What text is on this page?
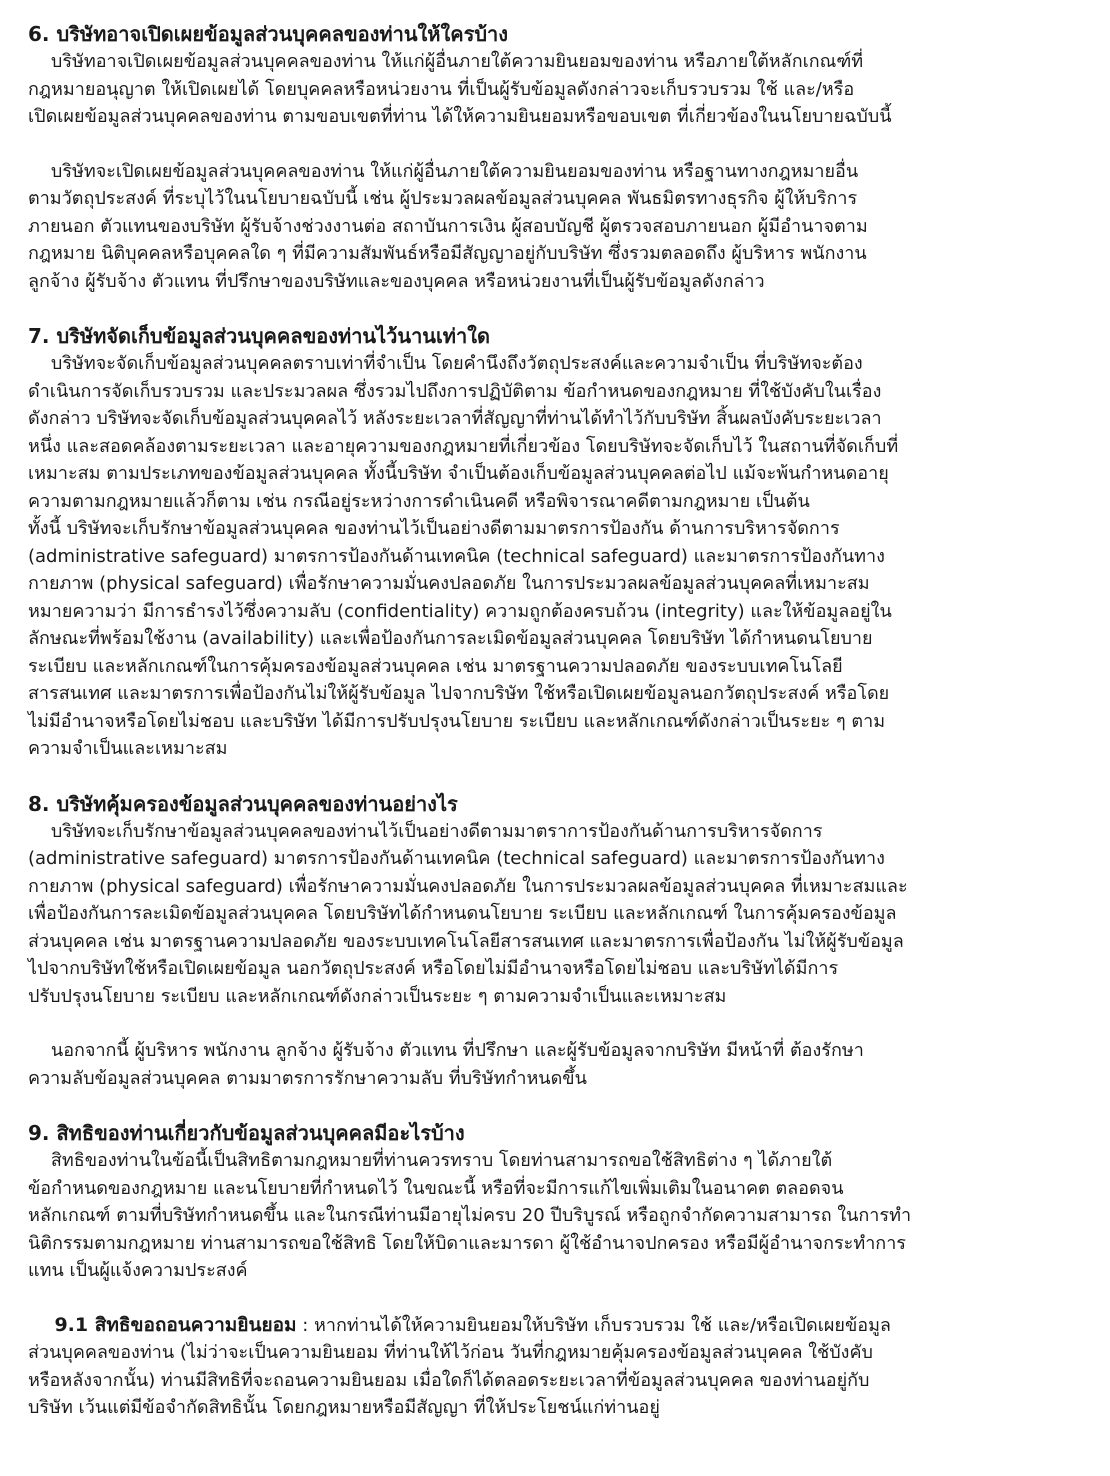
6. บริษัทอาจเปิดเผยข้อมูลส่วนบุคคลของท่านให้ใครบ้าง

บริษัทอาจเปิดเผยข้อมูลส่วนบุคคลของท่าน ให้แก่ผู้อื่นภายใต้ความยินยอมของท่าน หรือภายใต้หลักเกณฑ์ที่
กฎหมายอนุญาต ให้เปิดเผยได้ โดยบุคคลหรือหน่วยงาน ที่เป็นผู้รับข้อมูลดังกล่าวจะเก็บรวบรวม ใช้ และ/หรือ
เปิดเผยข้อมูลส่วนบุคคลของท่าน ตามขอบเขตที่ท่าน ได้ให้ความยินยอมหรือขอบเขต ที่เกี่ยวข้องในนโยบายฉบับนี้

บริษัทจะเปิดเผยข้อมูลส่วนบุคคลของท่าน ให้แก่ผู้อื่นภายใต้ความยินยอมของท่าน หรือฐานทางกฎหมายอื่น
ตามวัตถุประสงค์ ที่ระบุไว้ในนโยบายฉบับนี้ เช่น ผู้ประมวลผลข้อมูลส่วนบุคคล พันธมิตรทางธุรกิจ ผู้ให้บริการ
ภายนอก ตัวแทนของบริษัท ผู้รับจ้างช่วงงานต่อ สถาบันการเงิน ผู้สอบบัญชี ผู้ตรวจสอบภายนอก ผู้มีอำนาจตาม
กฎหมาย นิติบุคคลหรือบุคคลใด ๆ ที่มีความสัมพันธ์หรือมีสัญญาอยู่กับบริษัท ซึ่งรวมตลอดถึง ผู้บริหาร พนักงาน
ลูกจ้าง ผู้รับจ้าง ตัวแทน ที่ปรึกษาของบริษัทและของบุคคล หรือหน่วยงานที่เป็นผู้รับข้อมูลดังกล่าว

7. บริษัทจัดเก็บข้อมูลส่วนบุคคลของท่านไว้นานเท่าใด

บริษัทจะจัดเก็บข้อมูลส่วนบุคคลตราบเท่าที่จำเป็น โดยคำนึงถึงวัตถุประสงค์และความจำเป็น ที่บริษัทจะต้อง
ดำเนินการจัดเก็บรวบรวม และประมวลผล ซึ่งรวมไปถึงการปฏิบัติตาม ข้อกำหนดของกฎหมาย ที่ใช้บังคับในเรื่อง
ดังกล่าว บริษัทจะจัดเก็บข้อมูลส่วนบุคคลไว้ หลังระยะเวลาที่สัญญาที่ท่านได้ทำไว้กับบริษัท สิ้นผลบังคับระยะเวลา
หนึ่ง และสอดคล้องตามระยะเวลา และอายุความของกฎหมายที่เกี่ยวข้อง โดยบริษัทจะจัดเก็บไว้ ในสถานที่จัดเก็บที่
เหมาะสม ตามประเภทของข้อมูลส่วนบุคคล ทั้งนี้บริษัท จำเป็นต้องเก็บข้อมูลส่วนบุคคลต่อไป แม้จะพ้นกำหนดอายุ
ความตามกฎหมายแล้วก็ตาม เช่น กรณีอยู่ระหว่างการดำเนินคดี หรือพิจารณาคดีตามกฎหมาย เป็นต้น
ทั้งนี้ บริษัทจะเก็บรักษาข้อมูลส่วนบุคคล ของท่านไว้เป็นอย่างดีตามมาตรการป้องกัน ด้านการบริหารจัดการ
(administrative safeguard) มาตรการป้องกันด้านเทคนิค (technical safeguard) และมาตรการป้องกันทาง
กายภาพ (physical safeguard) เพื่อรักษาความมั่นคงปลอดภัย ในการประมวลผลข้อมูลส่วนบุคคลที่เหมาะสม
หมายความว่า มีการธำรงไว้ซึ่งความลับ (confidentiality) ความถูกต้องครบถ้วน (integrity) และให้ข้อมูลอยู่ใน
ลักษณะที่พร้อมใช้งาน (availability) และเพื่อป้องกันการละเมิดข้อมูลส่วนบุคคล โดยบริษัท ได้กำหนดนโยบาย
ระเบียบ และหลักเกณฑ์ในการคุ้มครองข้อมูลส่วนบุคคล เช่น มาตรฐานความปลอดภัย ของระบบเทคโนโลยี
สารสนเทศ และมาตรการเพื่อป้องกันไม่ให้ผู้รับข้อมูล ไปจากบริษัท ใช้หรือเปิดเผยข้อมูลนอกวัตถุประสงค์ หรือโดย
ไม่มีอำนาจหรือโดยไม่ชอบ และบริษัท ได้มีการปรับปรุงนโยบาย ระเบียบ และหลักเกณฑ์ดังกล่าวเป็นระยะ ๆ ตาม
ความจำเป็นและเหมาะสม

8. บริษัทคุ้มครองข้อมูลส่วนบุคคลของท่านอย่างไร

บริษัทจะเก็บรักษาข้อมูลส่วนบุคคลของท่านไว้เป็นอย่างดีตามมาตราการป้องกันด้านการบริหารจัดการ
(administrative safeguard) มาตรการป้องกันด้านเทคนิค (technical safeguard) และมาตรการป้องกันทาง
กายภาพ (physical safeguard) เพื่อรักษาความมั่นคงปลอดภัย ในการประมวลผลข้อมูลส่วนบุคคล ที่เหมาะสมและ
เพื่อป้องกันการละเมิดข้อมูลส่วนบุคคล โดยบริษัทได้กำหนดนโยบาย ระเบียบ และหลักเกณฑ์ ในการคุ้มครองข้อมูล
ส่วนบุคคล เช่น มาตรฐานความปลอดภัย ของระบบเทคโนโลยีสารสนเทศ และมาตรการเพื่อป้องกัน ไม่ให้ผู้รับข้อมูล
ไปจากบริษัทใช้หรือเปิดเผยข้อมูล นอกวัตถุประสงค์ หรือโดยไม่มีอำนาจหรือโดยไม่ชอบ และบริษัทได้มีการ
ปรับปรุงนโยบาย ระเบียบ และหลักเกณฑ์ดังกล่าวเป็นระยะ ๆ ตามความจำเป็นและเหมาะสม

นอกจากนี้ ผู้บริหาร พนักงาน ลูกจ้าง ผู้รับจ้าง ตัวแทน ที่ปรึกษา และผู้รับข้อมูลจากบริษัท มีหน้าที่ ต้องรักษา
ความลับข้อมูลส่วนบุคคล ตามมาตรการรักษาความลับ ที่บริษัทกำหนดขึ้น

9. สิทธิของท่านเกี่ยวกับข้อมูลส่วนบุคคลมีอะไรบ้าง

สิทธิของท่านในข้อนี้เป็นสิทธิตามกฎหมายที่ท่านควรทราบ โดยท่านสามารถขอใช้สิทธิต่าง ๆ ได้ภายใต้
ข้อกำหนดของกฎหมาย และนโยบายที่กำหนดไว้ ในขณะนี้ หรือที่จะมีการแก้ไขเพิ่มเติมในอนาคต ตลอดจน
หลักเกณฑ์ ตามที่บริษัทกำหนดขึ้น และในกรณีท่านมีอายุไม่ครบ 20 ปีบริบูรณ์ หรือถูกจำกัดความสามารถ ในการทำ
นิติกรรมตามกฎหมาย ท่านสามารถขอใช้สิทธิ โดยให้บิดาและมารดา ผู้ใช้อำนาจปกครอง หรือมีผู้อำนาจกระทำการ
แทน เป็นผู้แจ้งความประสงค์

9.1 สิทธิขอถอนความยินยอม : หากท่านได้ให้ความยินยอมให้บริษัท เก็บรวบรวม ใช้ และ/หรือเปิดเผยข้อมูล
ส่วนบุคคลของท่าน (ไม่ว่าจะเป็นความยินยอม ที่ท่านให้ไว้ก่อน วันที่กฎหมายคุ้มครองข้อมูลส่วนบุคคล ใช้บังคับ
หรือหลังจากนั้น) ท่านมีสิทธิที่จะถอนความยินยอม เมื่อใดก็ได้ตลอดระยะเวลาที่ข้อมูลส่วนบุคคล ของท่านอยู่กับ
บริษัท เว้นแต่มีข้อจำกัดสิทธินั้น โดยกฎหมายหรือมีสัญญา ที่ให้ประโยชน์แก่ท่านอยู่
